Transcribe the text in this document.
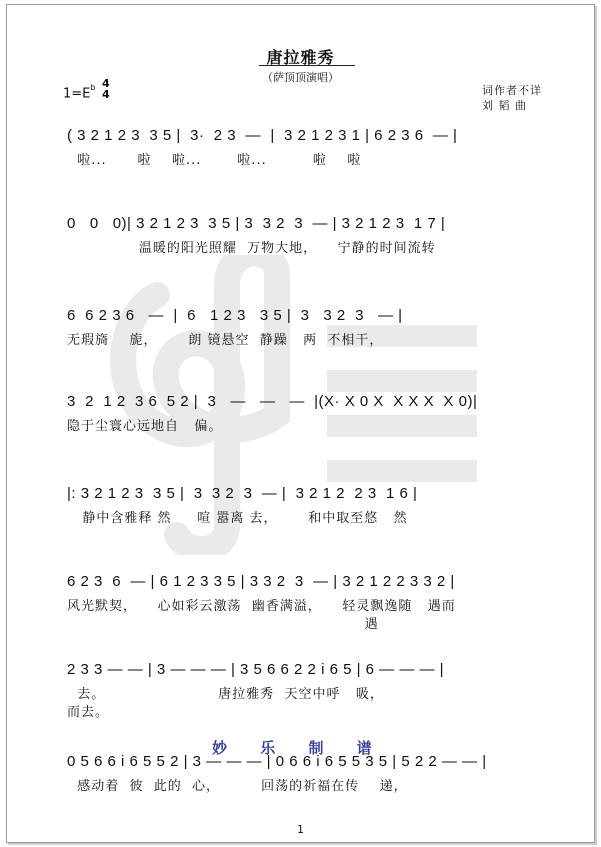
唐拉雅秀
（萨顶顶演唱）
$1=E^b$ 4
4	词作者不详
刘 韬 曲
( 3 2 1 2 3  3 5 |  3·  2 3  —  |  3 2 1 2 3 1 | 6 2 3 6  — |
啦...      啦    啦...       啦...         啦    啦
0   0   0)| 3 2 1 2 3  3 5 | 3  3 2  3  — | 3 2 1 2 3  1 7 |
温暖的阳光照耀  万物大地，    宁静的时间流转
6  6 2 3 6   —  |  6   1 2 3   3 5 |  3   3 2  3   — |
无瑕旖    旎，      朗 镜悬空  静躁   两  不相干，
3  2  1 2  3 6  5 2 |  3   —   —   —  |(X· X 0 X  X X X  X 0)|
隐于尘寰心远地自   偏。
|: 3 2 1 2 3  3 5 |  3  3 2  3  — |  3 2 1 2  2 3  1 6 |
静中含雅释 然     喧 嚣离 去，      和中取至悠   然
6 2 3  6  — | 6 1 2 3 3 5 | 3 3 2  3  — | 3 2 1 2 2 3 3 2 |
风光默契，    心如彩云激荡  幽香满溢，    轻灵飘逸随   遇而
遇
2 3 3 — — | 3 — — — | 3 5 6 6 2 2 i 6 5 | 6 — — — |
去。                      唐拉雅秀  天空中呼   吸，
而去。
0 5 6 6 i 6 5 5 2 | 3 — — — | 0 6 6 i 6 5 5 3 5 | 5 2 2 — — |
感动着  彼  此的  心，        回荡的祈福在传    递，
妙 乐 制 谱
1
